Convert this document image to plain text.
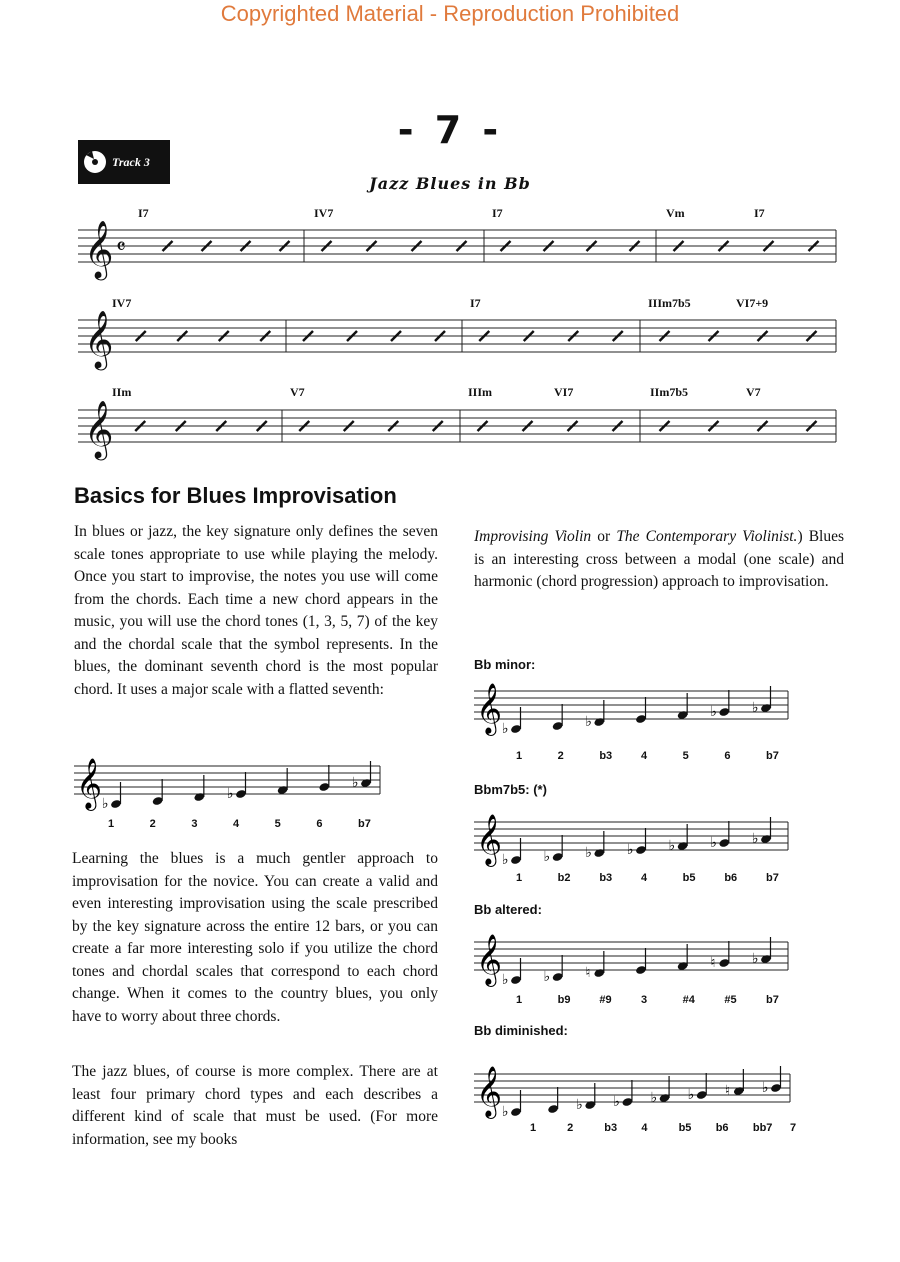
Copyrighted Material - Reproduction Prohibited
- 7 -
Track 3
Jazz Blues in Bb
𝄞
𝄞
𝄞
𝄴
I7	IV7	I7	Vm	I7
IV7	I7	IIIm7b5	VI7+9
IIm	V7	IIIm	VI7	IIm7b5	V7
Basics for Blues Improvisation
In blues or jazz, the key signature only defines the seven scale tones appropriate to use while playing the melody. Once you start to improvise, the notes you use will come from the chords. Each time a new chord appears in the music, you will use the chord tones (1, 3, 5, 7) of the key and the chordal scale that the symbol represents. In the blues, the dominant seventh chord is the most popular chord. It uses a major scale with a flatted seventh:
𝄞 ♭
♭
♭
1	2	3	4	5	6	b7
Learning the blues is a much gentler approach to improvisation for the novice. You can create a valid and even interesting improvisation using the scale prescribed by the key signature across the entire 12 bars, or you can create a far more interesting solo if you utilize the chord tones and chordal scales that correspond to each chord change. When it comes to the country blues, you only have to worry about three chords.
The jazz blues, of course is more complex. There are at least four primary chord types and each describes a different kind of scale that must be used. (For more information, see my books
Improvising Violin or The Contemporary Violinist.) Blues is an interesting cross between a modal (one scale) and harmonic (chord progression) approach to improvisation.
Bb minor:
𝄞 ♭	♭
♭	♭
1	2	b3	4	5	6	b7
Bbm7b5: (*)
𝄞 ♭	♭	♭	♭	♭	♭	♭
1	b2	b3	4	b5	b6	b7
Bb altered:
𝄞 ♭	♭	♮
♮	♭
1	b9	#9	3	#4	#5	b7
Bb diminished:
𝄞 ♭	♭ ♭ ♭ ♭ ♮ ♭
1	2	b3 4	b5 b6 bb7 7
